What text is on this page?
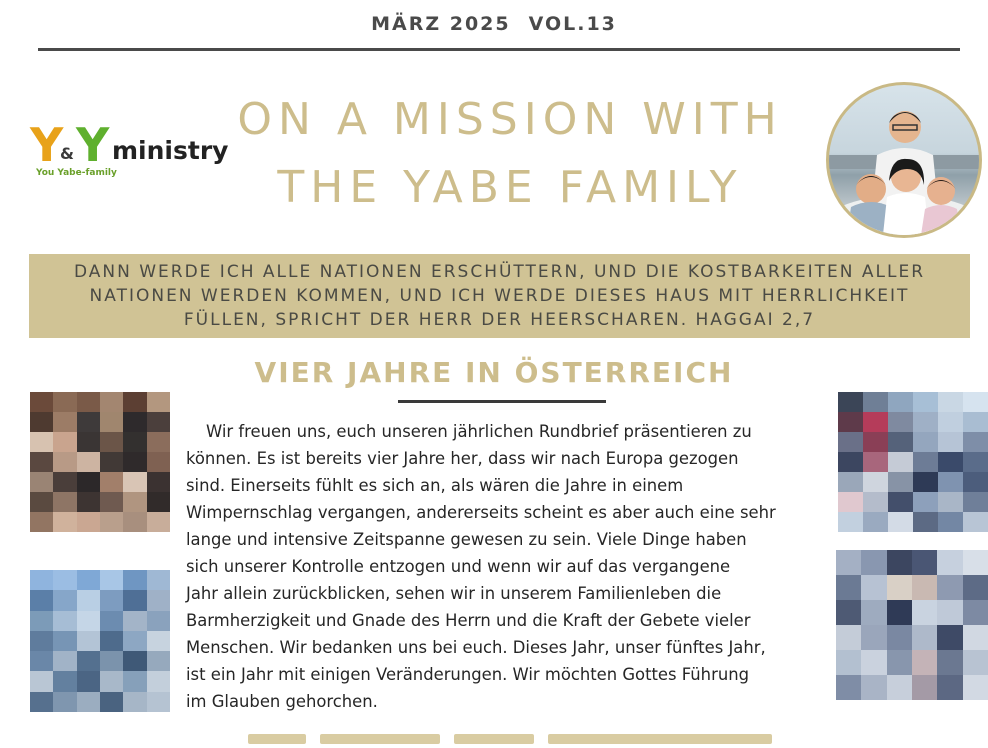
MÄRZ 2025 VOL.13
Y
& Y ministry
You Yabe-family
ON A MISSION WITH
THE YABE FAMILY
DANN WERDE ICH ALLE NATIONEN ERSCHÜTTERN, UND DIE KOSTBARKEITEN ALLER
NATIONEN WERDEN KOMMEN, UND ICH WERDE DIESES HAUS MIT HERRLICHKEIT
FÜLLEN, SPRICHT DER HERR DER HEERSCHAREN. HAGGAI 2,7
VIER JAHRE IN ÖSTERREICH
Wir freuen uns, euch unseren jährlichen Rundbrief präsentieren zu
können. Es ist bereits vier Jahre her, dass wir nach Europa gezogen
sind. Einerseits fühlt es sich an, als wären die Jahre in einem
Wimpernschlag vergangen, andererseits scheint es aber auch eine sehr
lange und intensive Zeitspanne gewesen zu sein. Viele Dinge haben
sich unserer Kontrolle entzogen und wenn wir auf das vergangene
Jahr allein zurückblicken, sehen wir in unserem Familienleben die
Barmherzigkeit und Gnade des Herrn und die Kraft der Gebete vieler
Menschen. Wir bedanken uns bei euch. Dieses Jahr, unser fünftes Jahr,
ist ein Jahr mit einigen Veränderungen. Wir möchten Gottes Führung
im Glauben gehorchen.
